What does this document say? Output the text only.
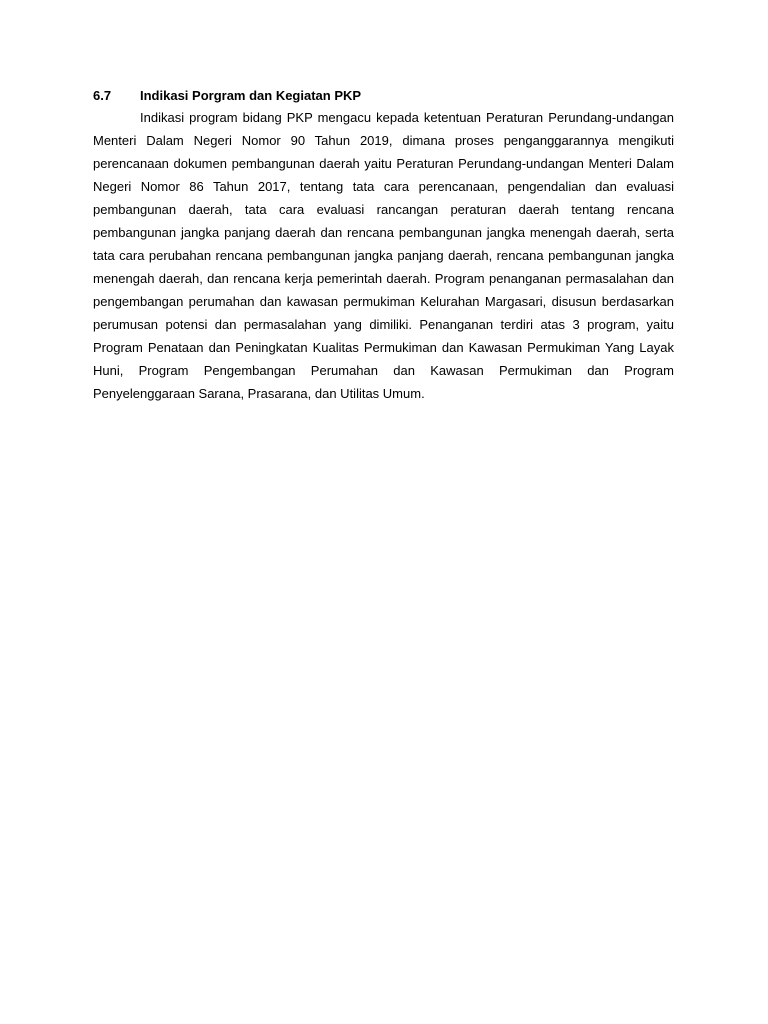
6.7	Indikasi Porgram dan Kegiatan PKP

Indikasi program bidang PKP mengacu kepada ketentuan Peraturan Perundang-undangan Menteri Dalam Negeri Nomor 90 Tahun 2019, dimana proses penganggarannya mengikuti perencanaan dokumen pembangunan daerah yaitu Peraturan Perundang-undangan Menteri Dalam Negeri Nomor 86 Tahun 2017, tentang tata cara perencanaan, pengendalian dan evaluasi pembangunan daerah, tata cara evaluasi rancangan peraturan daerah tentang rencana pembangunan jangka panjang daerah dan rencana pembangunan jangka menengah daerah, serta tata cara perubahan rencana pembangunan jangka panjang daerah, rencana pembangunan jangka menengah daerah, dan rencana kerja pemerintah daerah. Program penanganan permasalahan dan pengembangan perumahan dan kawasan permukiman Kelurahan Margasari, disusun berdasarkan perumusan potensi dan permasalahan yang dimiliki. Penanganan terdiri atas 3 program, yaitu Program Penataan dan Peningkatan Kualitas Permukiman dan Kawasan Permukiman Yang Layak Huni, Program Pengembangan Perumahan dan Kawasan Permukiman dan Program Penyelenggaraan Sarana, Prasarana, dan Utilitas Umum.
